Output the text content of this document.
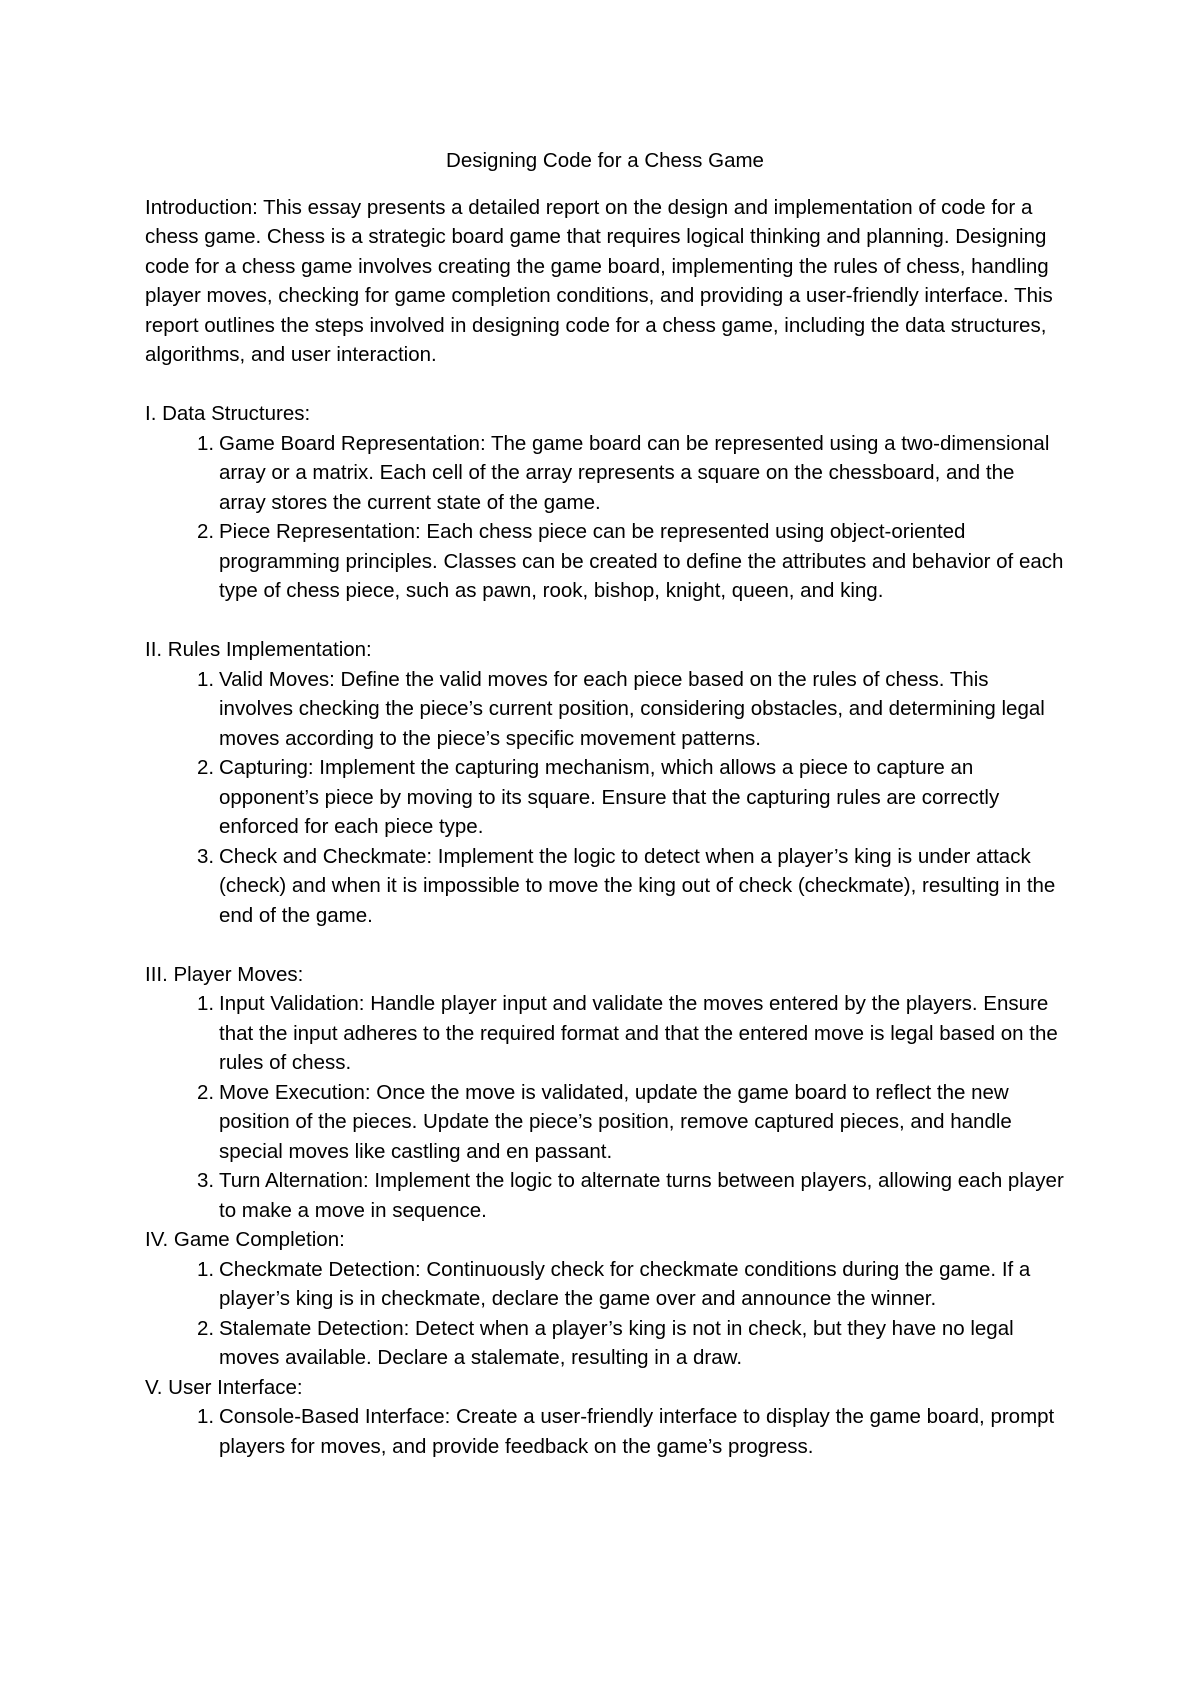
Designing Code for a Chess Game

Introduction: This essay presents a detailed report on the design and implementation of code for a chess game. Chess is a strategic board game that requires logical thinking and planning. Designing code for a chess game involves creating the game board, implementing the rules of chess, handling player moves, checking for game completion conditions, and providing a user-friendly interface. This report outlines the steps involved in designing code for a chess game, including the data structures, algorithms, and user interaction.

I. Data Structures:
1. Game Board Representation: The game board can be represented using a two-dimensional array or a matrix. Each cell of the array represents a square on the chessboard, and the array stores the current state of the game.
2. Piece Representation: Each chess piece can be represented using object-oriented programming principles. Classes can be created to define the attributes and behavior of each type of chess piece, such as pawn, rook, bishop, knight, queen, and king.
II. Rules Implementation:
1. Valid Moves: Define the valid moves for each piece based on the rules of chess. This involves checking the piece’s current position, considering obstacles, and determining legal moves according to the piece’s specific movement patterns.
2. Capturing: Implement the capturing mechanism, which allows a piece to capture an opponent’s piece by moving to its square. Ensure that the capturing rules are correctly enforced for each piece type.
3. Check and Checkmate: Implement the logic to detect when a player’s king is under attack (check) and when it is impossible to move the king out of check (checkmate), resulting in the end of the game.
III. Player Moves:
1. Input Validation: Handle player input and validate the moves entered by the players. Ensure that the input adheres to the required format and that the entered move is legal based on the rules of chess.
2. Move Execution: Once the move is validated, update the game board to reflect the new position of the pieces. Update the piece’s position, remove captured pieces, and handle special moves like castling and en passant.
3. Turn Alternation: Implement the logic to alternate turns between players, allowing each player to make a move in sequence.
IV. Game Completion:
1. Checkmate Detection: Continuously check for checkmate conditions during the game. If a player’s king is in checkmate, declare the game over and announce the winner.
2. Stalemate Detection: Detect when a player’s king is not in check, but they have no legal moves available. Declare a stalemate, resulting in a draw.
V. User Interface:
1. Console-Based Interface: Create a user-friendly interface to display the game board, prompt players for moves, and provide feedback on the game’s progress.
